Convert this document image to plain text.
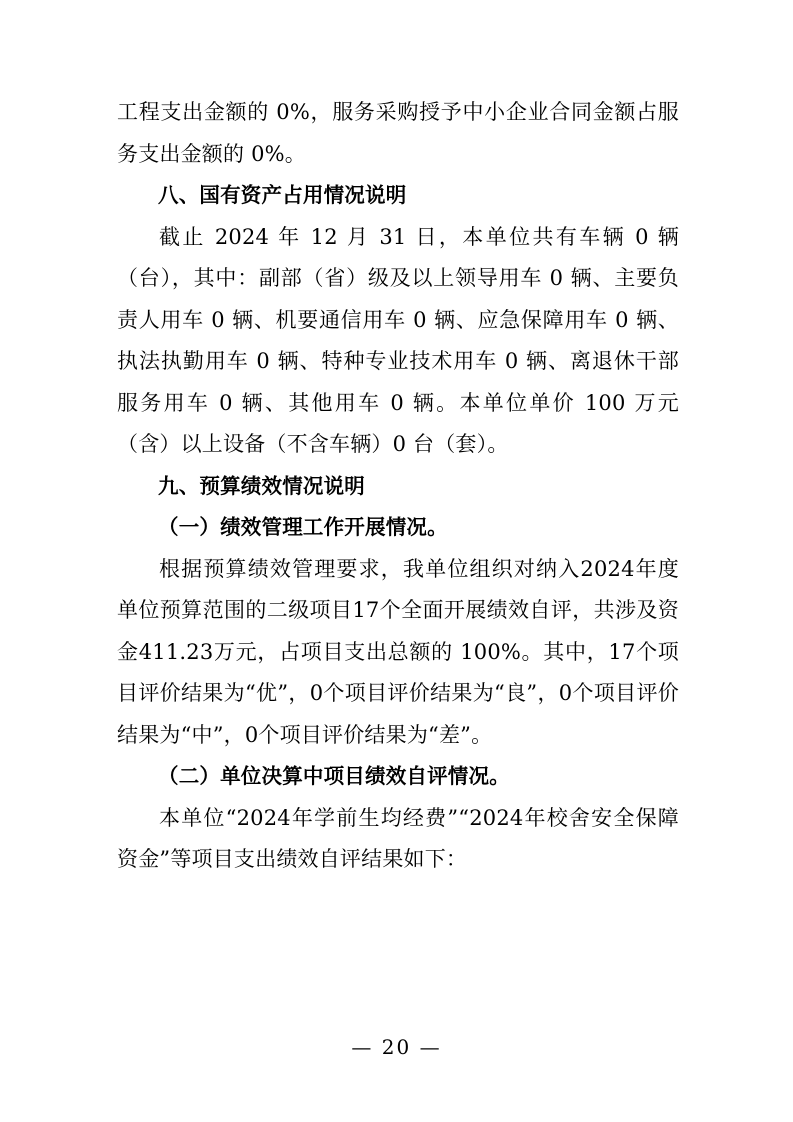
工程支出金额的 0%，服务采购授予中小企业合同金额占服务支出金额的 0%。

八、国有资产占用情况说明

截止 2024 年 12 月 31 日，本单位共有车辆 0 辆（台），其中：副部（省）级及以上领导用车 0 辆、主要负责人用车 0 辆、机要通信用车 0 辆、应急保障用车 0 辆、执法执勤用车 0 辆、特种专业技术用车 0 辆、离退休干部服务用车 0 辆、其他用车 0 辆。本单位单价 100 万元（含）以上设备（不含车辆）0 台（套）。

九、预算绩效情况说明
（一）绩效管理工作开展情况。

根据预算绩效管理要求，我单位组织对纳入2024年度单位预算范围的二级项目17个全面开展绩效自评，共涉及资金411.23万元，占项目支出总额的 100%。其中，17个项目评价结果为“优”，0个项目评价结果为“良”，0个项目评价结果为“中”，0个项目评价结果为“差”。

（二）单位决算中项目绩效自评情况。

本单位“2024年学前生均经费”“2024年校舍安全保障资金”等项目支出绩效自评结果如下：

— 20 —
